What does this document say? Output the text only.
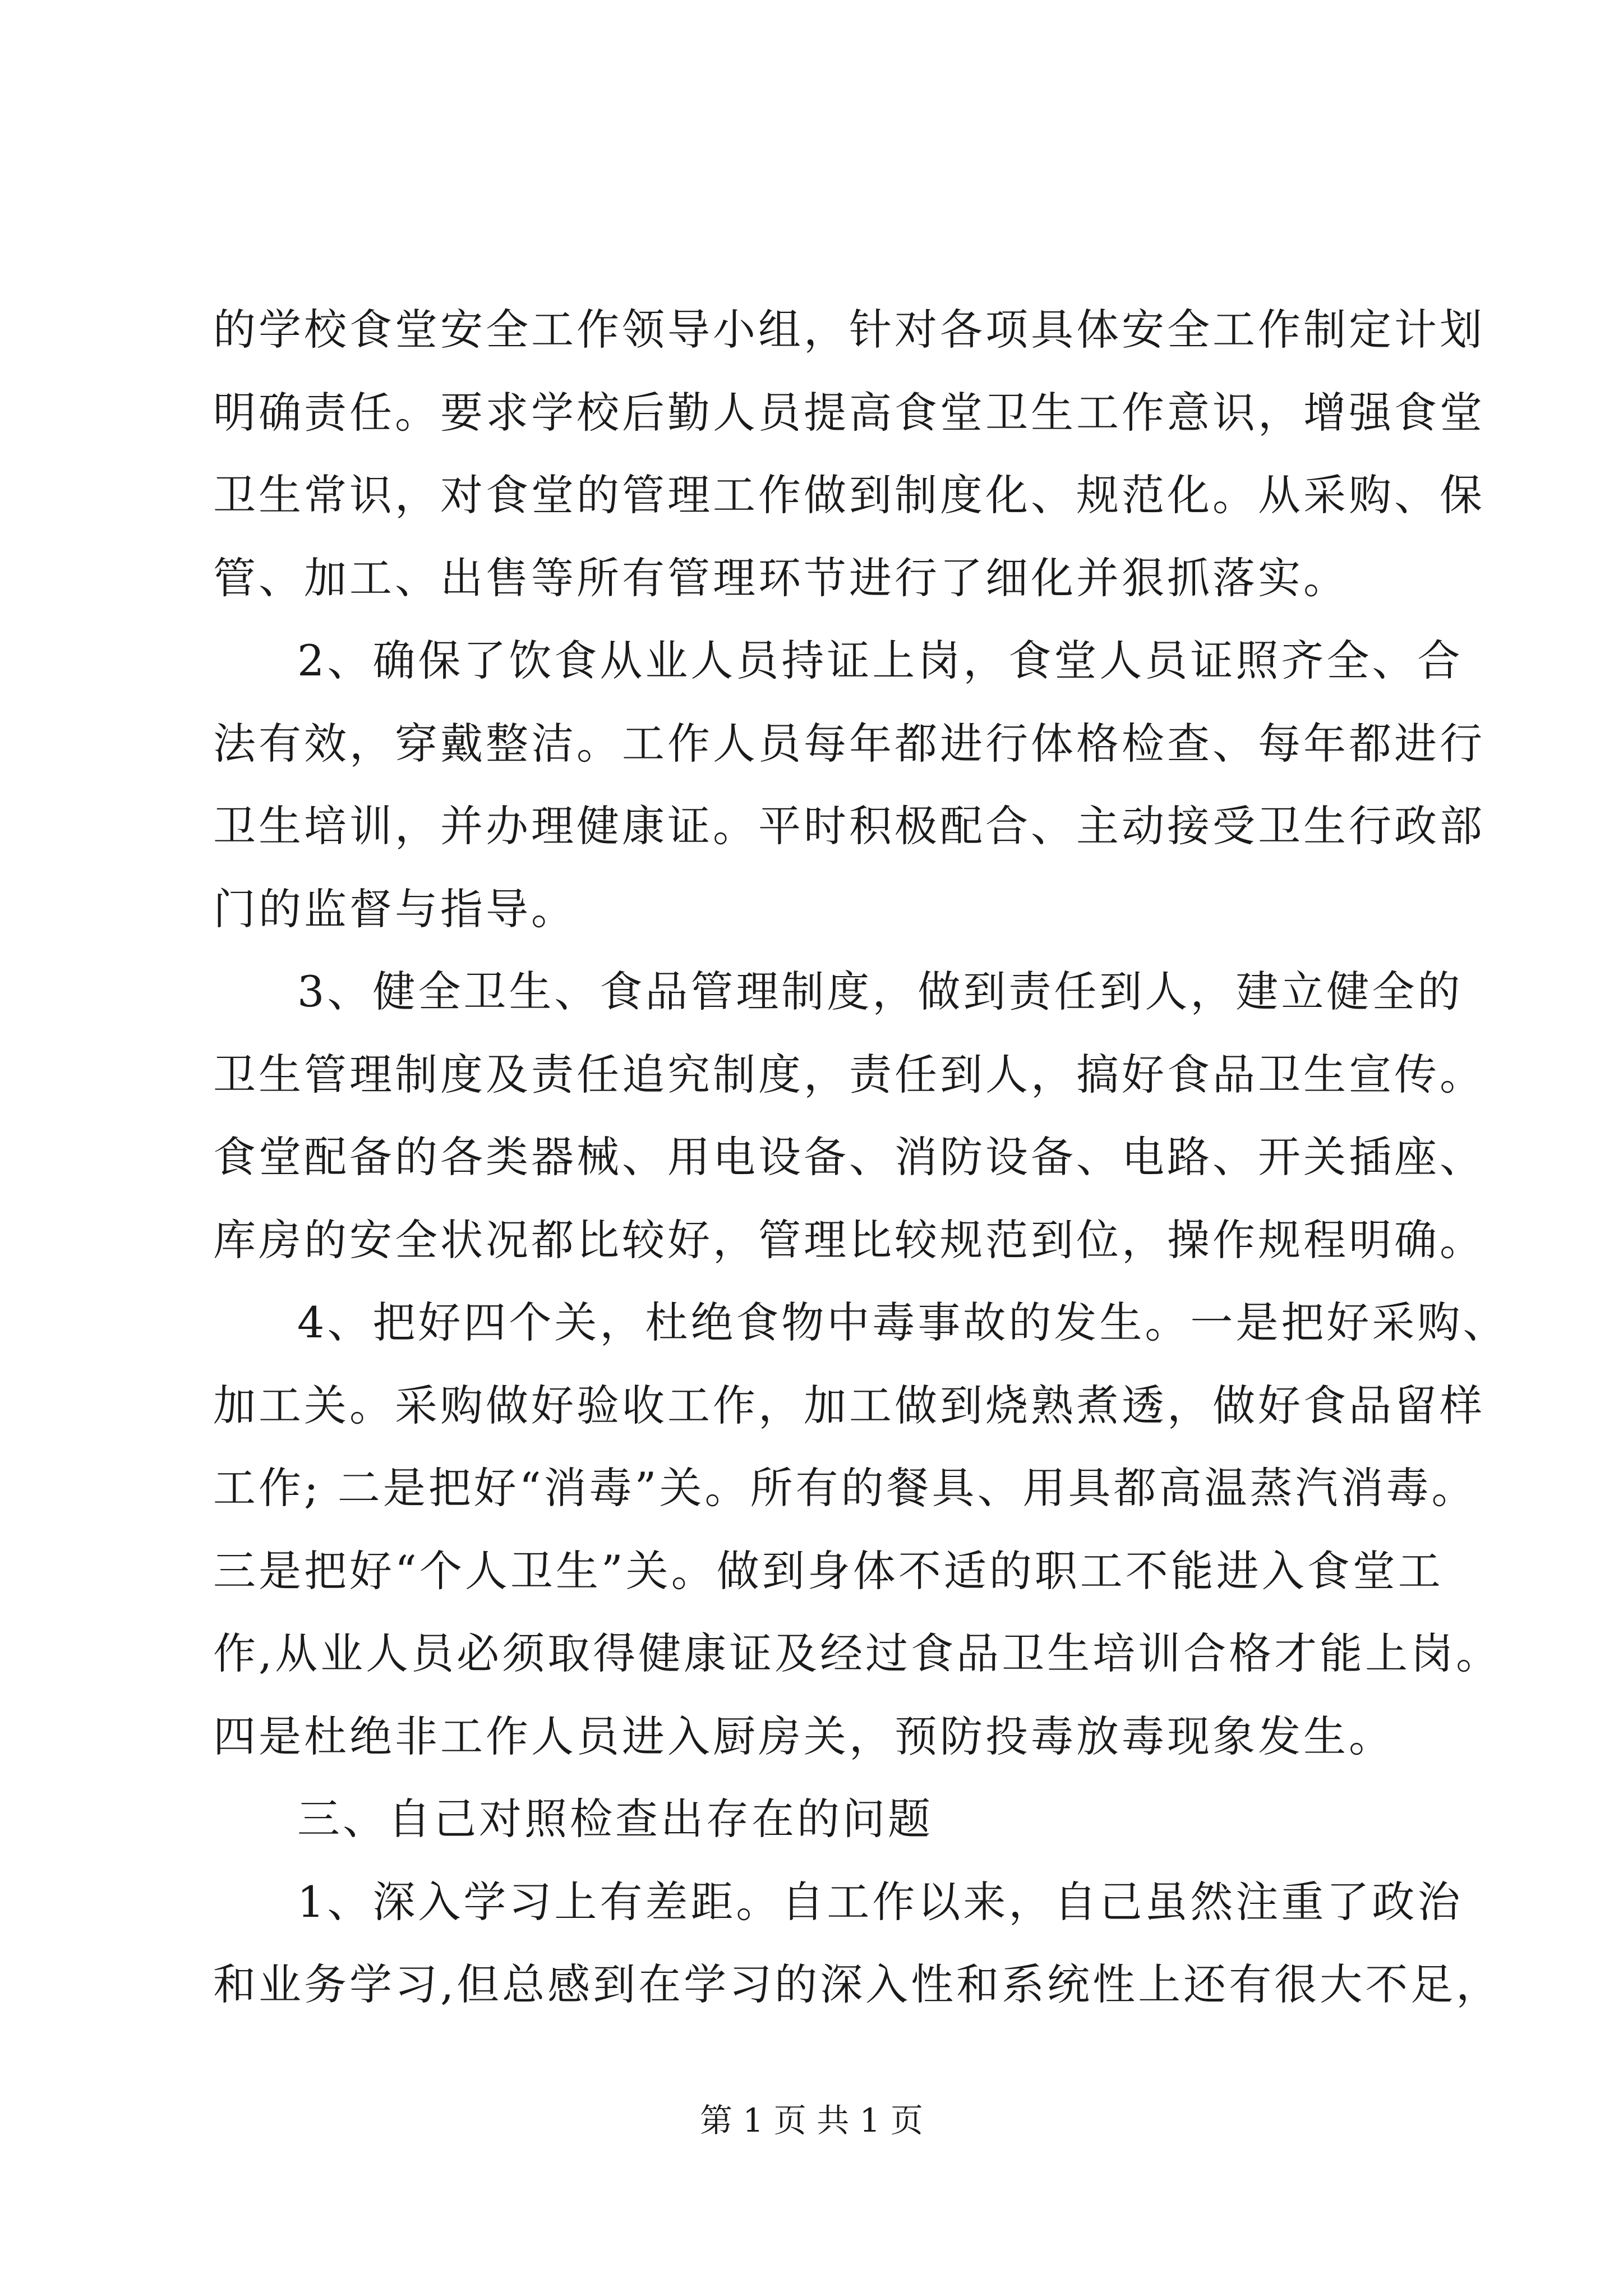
的学校食堂安全工作领导小组，针对各项具体安全工作制定计划
明确责任。要求学校后勤人员提高食堂卫生工作意识，增强食堂
卫生常识，对食堂的管理工作做到制度化、规范化。从采购、保
管、加工、出售等所有管理环节进行了细化并狠抓落实。
2、确保了饮食从业人员持证上岗，食堂人员证照齐全、合
法有效，穿戴整洁。工作人员每年都进行体格检查、每年都进行
卫生培训，并办理健康证。平时积极配合、主动接受卫生行政部
门的监督与指导。
3、健全卫生、食品管理制度，做到责任到人，建立健全的
卫生管理制度及责任追究制度，责任到人，搞好食品卫生宣传。
食堂配备的各类器械、用电设备、消防设备、电路、开关插座、
库房的安全状况都比较好，管理比较规范到位，操作规程明确。
4、把好四个关，杜绝食物中毒事故的发生。一是把好采购、
加工关。采购做好验收工作，加工做到烧熟煮透，做好食品留样
工作; 二是把好“消毒”关。所有的餐具、用具都高温蒸汽消毒。
三是把好“个人卫生”关。做到身体不适的职工不能进入食堂工
作,从业人员必须取得健康证及经过食品卫生培训合格才能上岗。
四是杜绝非工作人员进入厨房关，预防投毒放毒现象发生。
三、自己对照检查出存在的问题
1、深入学习上有差距。自工作以来，自己虽然注重了政治
和业务学习,但总感到在学习的深入性和系统性上还有很大不足，
第 1 页 共 1 页
